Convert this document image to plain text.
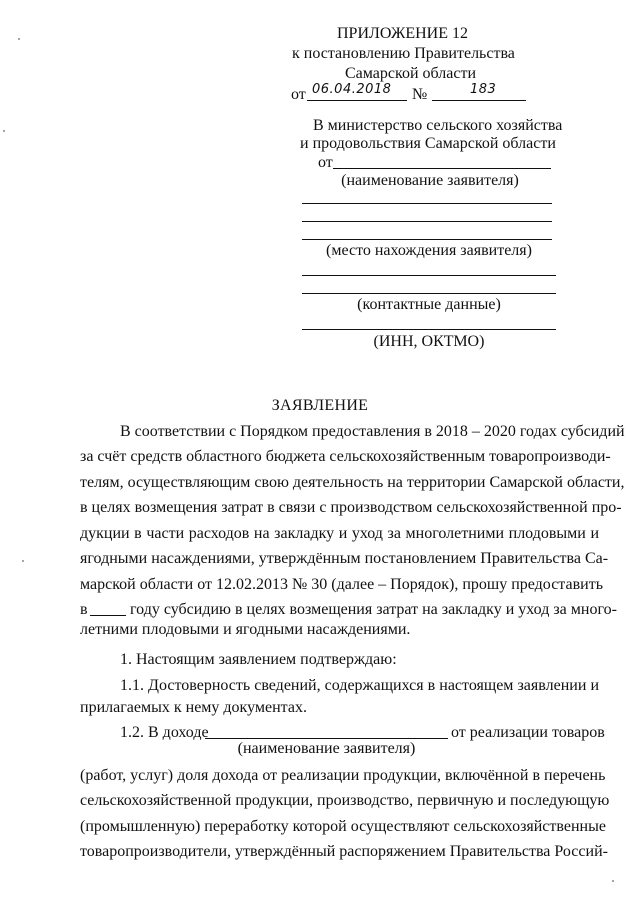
ПРИЛОЖЕНИЕ 12
к постановлению Правительства
Самарской области
от 06.04.2018 №	183
В министерство сельского хозяйства
и продовольствия Самарской области
от
(наименование заявителя)
(место нахождения заявителя)
(контактные данные)
(ИНН, ОКТМО)
ЗАЯВЛЕНИЕ
В соответствии с Порядком предоставления в 2018 – 2020 годах субсидий
за счёт средств областного бюджета сельскохозяйственным товаропроизводи-
телям, осуществляющим свою деятельность на территории Самарской области,
в целях возмещения затрат в связи с производством сельскохозяйственной про-
дукции в части расходов на закладку и уход за многолетними плодовыми и
ягодными насаждениями, утверждённым постановлением Правительства Са-
марской области от 12.02.2013 № 30 (далее – Порядок), прошу предоставить
в	году субсидию в целях возмещения затрат на закладку и уход за много-
летними плодовыми и ягодными насаждениями.
1. Настоящим заявлением подтверждаю:
1.1. Достоверность сведений, содержащихся в настоящем заявлении и
прилагаемых к нему документах.
1.2. В доходе	от реализации товаров
(наименование заявителя)
(работ, услуг) доля дохода от реализации продукции, включённой в перечень
сельскохозяйственной продукции, производство, первичную и последующую
(промышленную) переработку которой осуществляют сельскохозяйственные
товаропроизводители, утверждённый распоряжением Правительства Россий-
